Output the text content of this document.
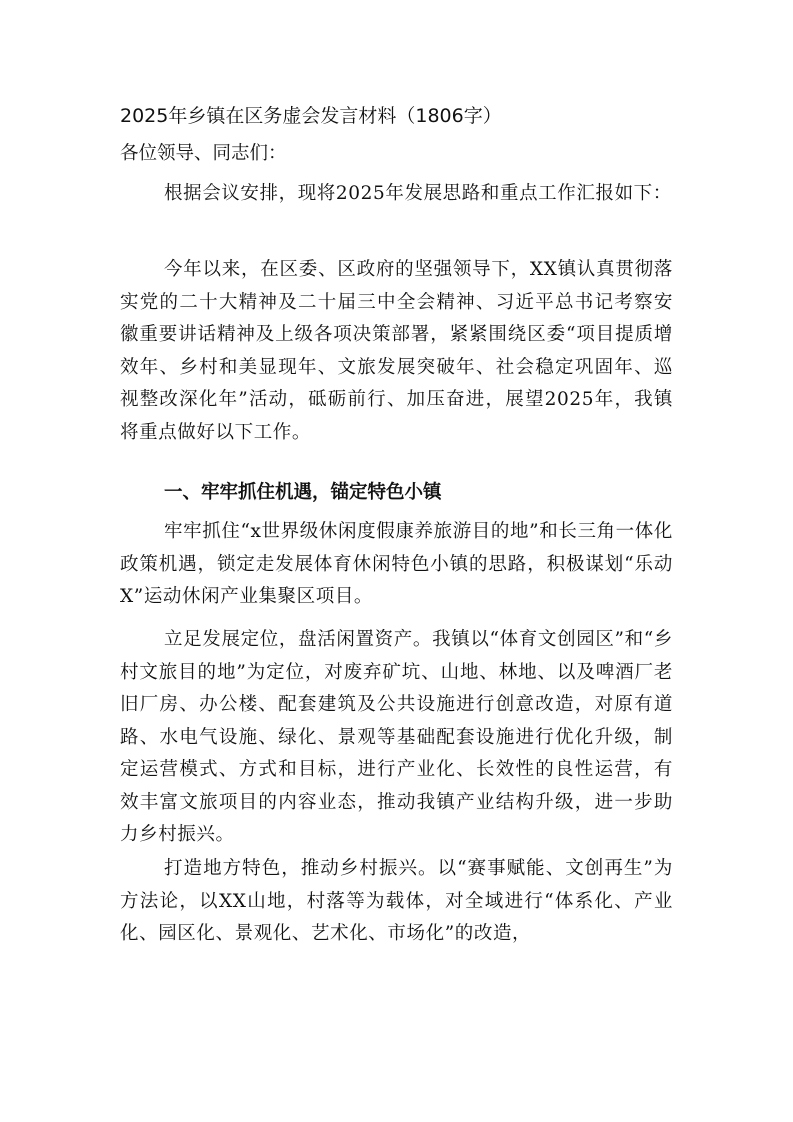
2025年乡镇在区务虚会发言材料（1806字）
各位领导、同志们：

根据会议安排，现将2025年发展思路和重点工作汇报如下：

今年以来，在区委、区政府的坚强领导下，XX镇认真贯彻落实党的二十大精神及二十届三中全会精神、习近平总书记考察安徽重要讲话精神及上级各项决策部署，紧紧围绕区委“项目提质增效年、乡村和美显现年、文旅发展突破年、社会稳定巩固年、巡视整改深化年”活动，砥砺前行、加压奋进，展望2025年，我镇将重点做好以下工作。

一、牢牢抓住机遇，锚定特色小镇

牢牢抓住“x世界级休闲度假康养旅游目的地”和长三角一体化政策机遇，锁定走发展体育休闲特色小镇的思路，积极谋划“乐动X”运动休闲产业集聚区项目。

立足发展定位，盘活闲置资产。我镇以“体育文创园区”和“乡村文旅目的地”为定位，对废弃矿坑、山地、林地、以及啤酒厂老旧厂房、办公楼、配套建筑及公共设施进行创意改造，对原有道路、水电气设施、绿化、景观等基础配套设施进行优化升级，制定运营模式、方式和目标，进行产业化、长效性的良性运营，有效丰富文旅项目的内容业态，推动我镇产业结构升级，进一步助力乡村振兴。

打造地方特色，推动乡村振兴。以“赛事赋能、文创再生”为方法论，以XX山地，村落等为载体，对全域进行“体系化、产业化、园区化、景观化、艺术化、市场化”的改造，
